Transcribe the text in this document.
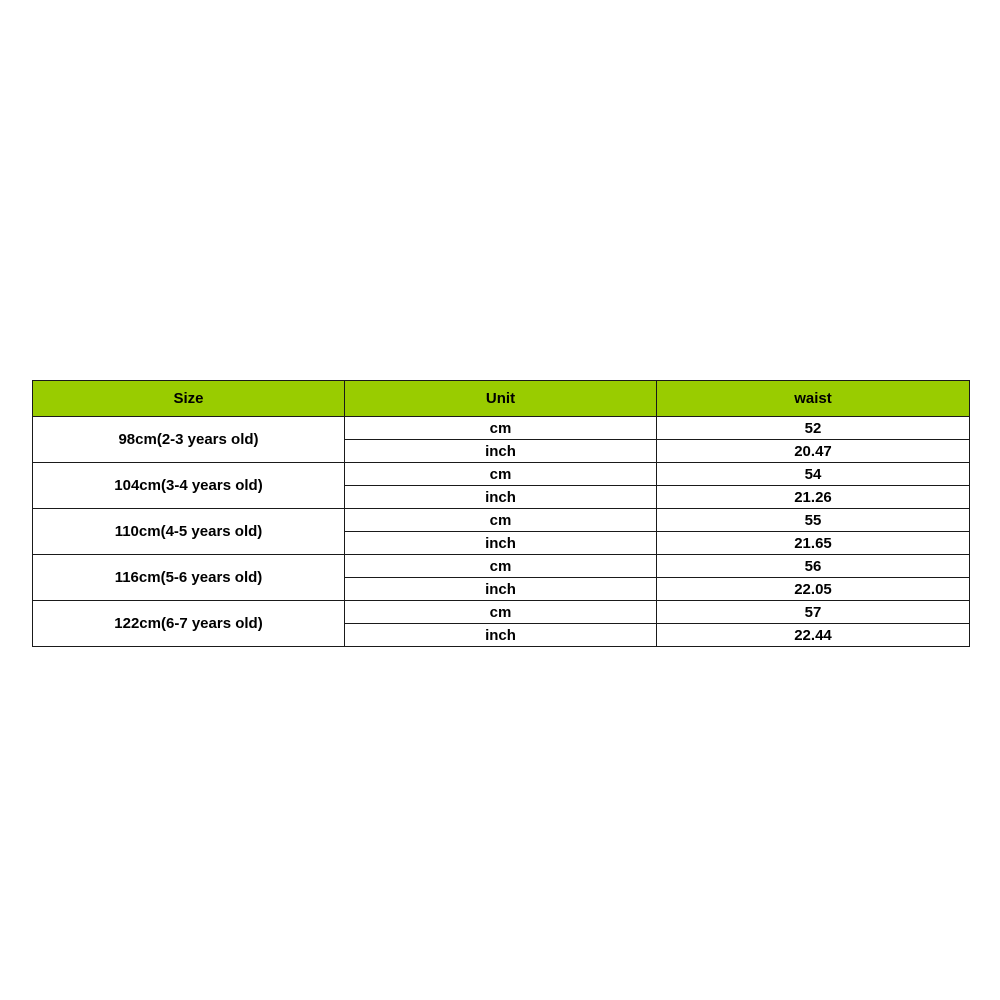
Size	Unit	waist
98cm(2-3 years old)	cm	52
	inch	20.47
104cm(3-4 years old)	cm	54
	inch	21.26
110cm(4-5 years old)	cm	55
	inch	21.65
116cm(5-6 years old)	cm	56
	inch	22.05
122cm(6-7 years old)	cm	57
	inch	22.44
